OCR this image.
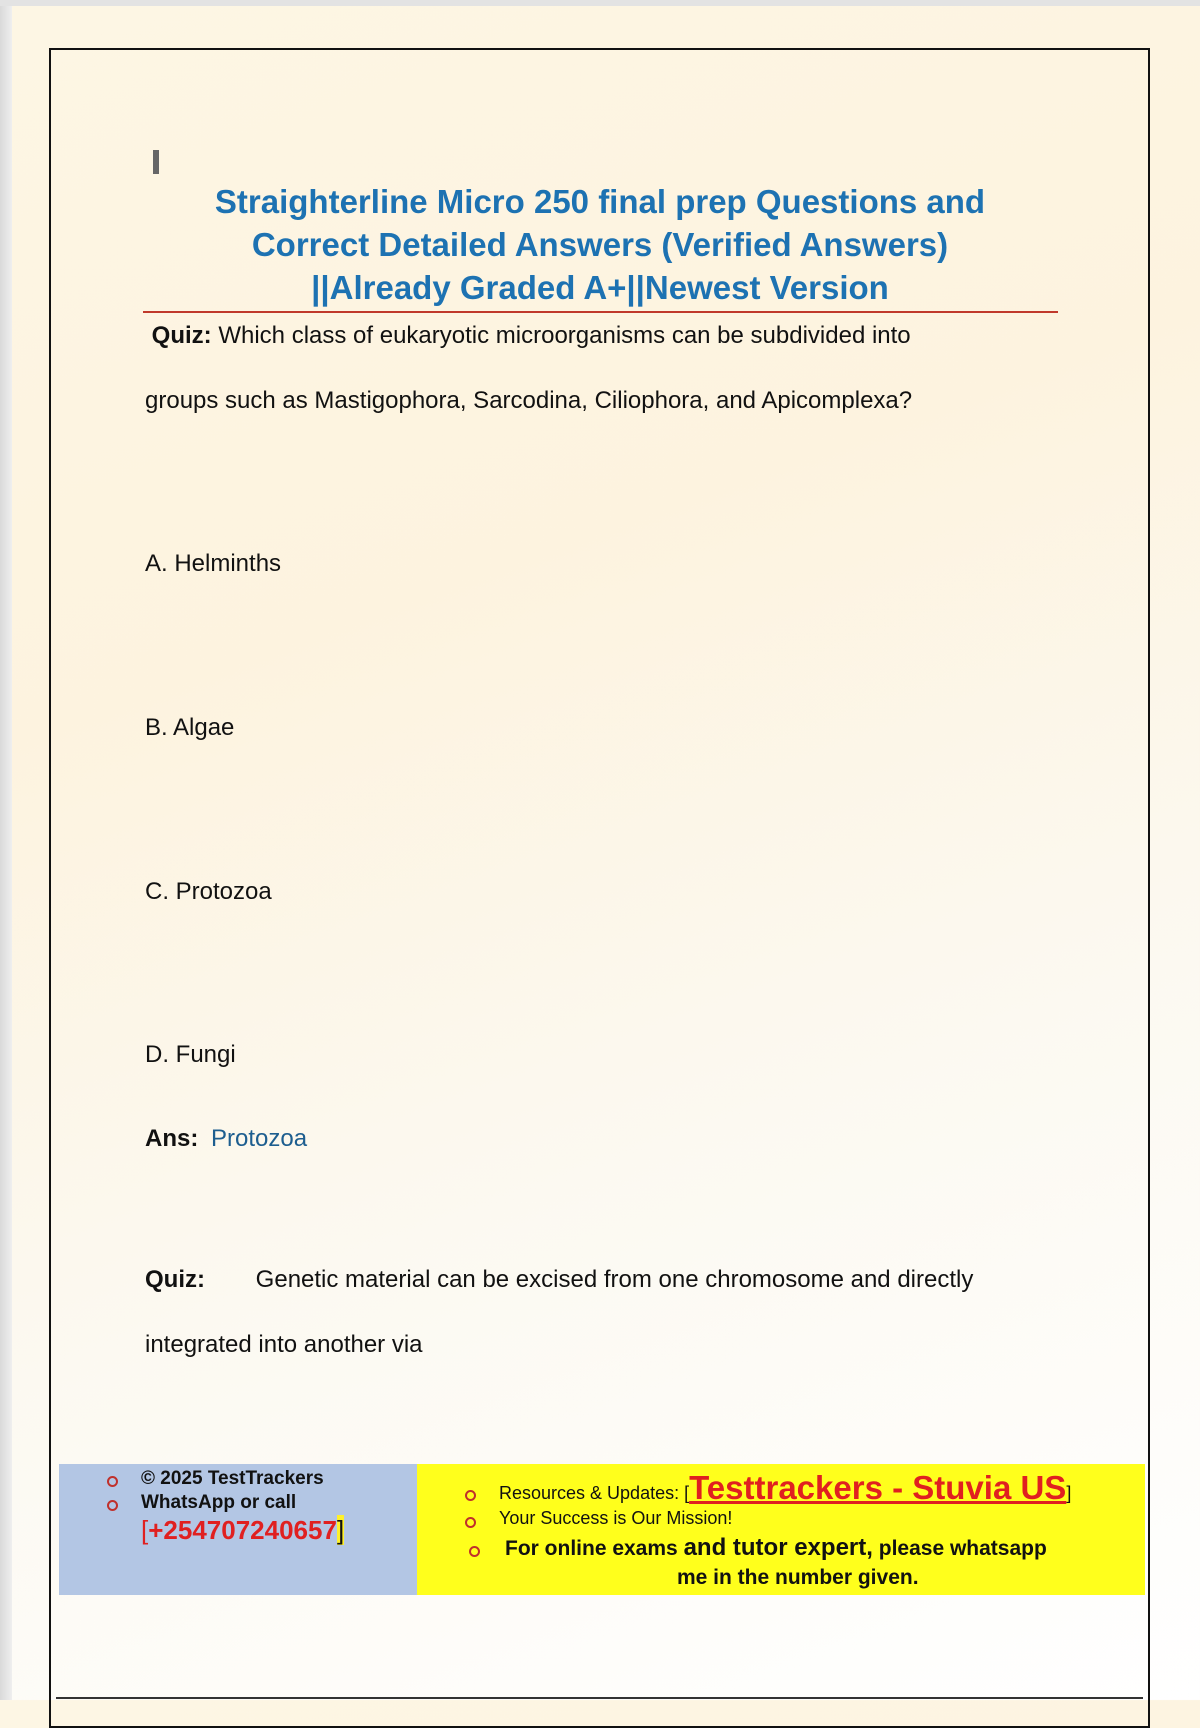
Straighterline Micro 250 final prep Questions and
Correct Detailed Answers (Verified Answers)
||Already Graded A+||Newest Version
Quiz: Which class of eukaryotic microorganisms can be subdivided into
groups such as Mastigophora, Sarcodina, Ciliophora, and Apicomplexa?
A. Helminths
B. Algae
C. Protozoa
D. Fungi
Ans: Protozoa
Quiz: Genetic material can be excised from one chromosome and directly
integrated into another via
© 2025 TestTrackers
WhatsApp or call
[+254707240657]
Resources & Updates: [Testtrackers - Stuvia US]
Your Success is Our Mission!
For online exams and tutor expert, please whatsapp
me in the number given.
